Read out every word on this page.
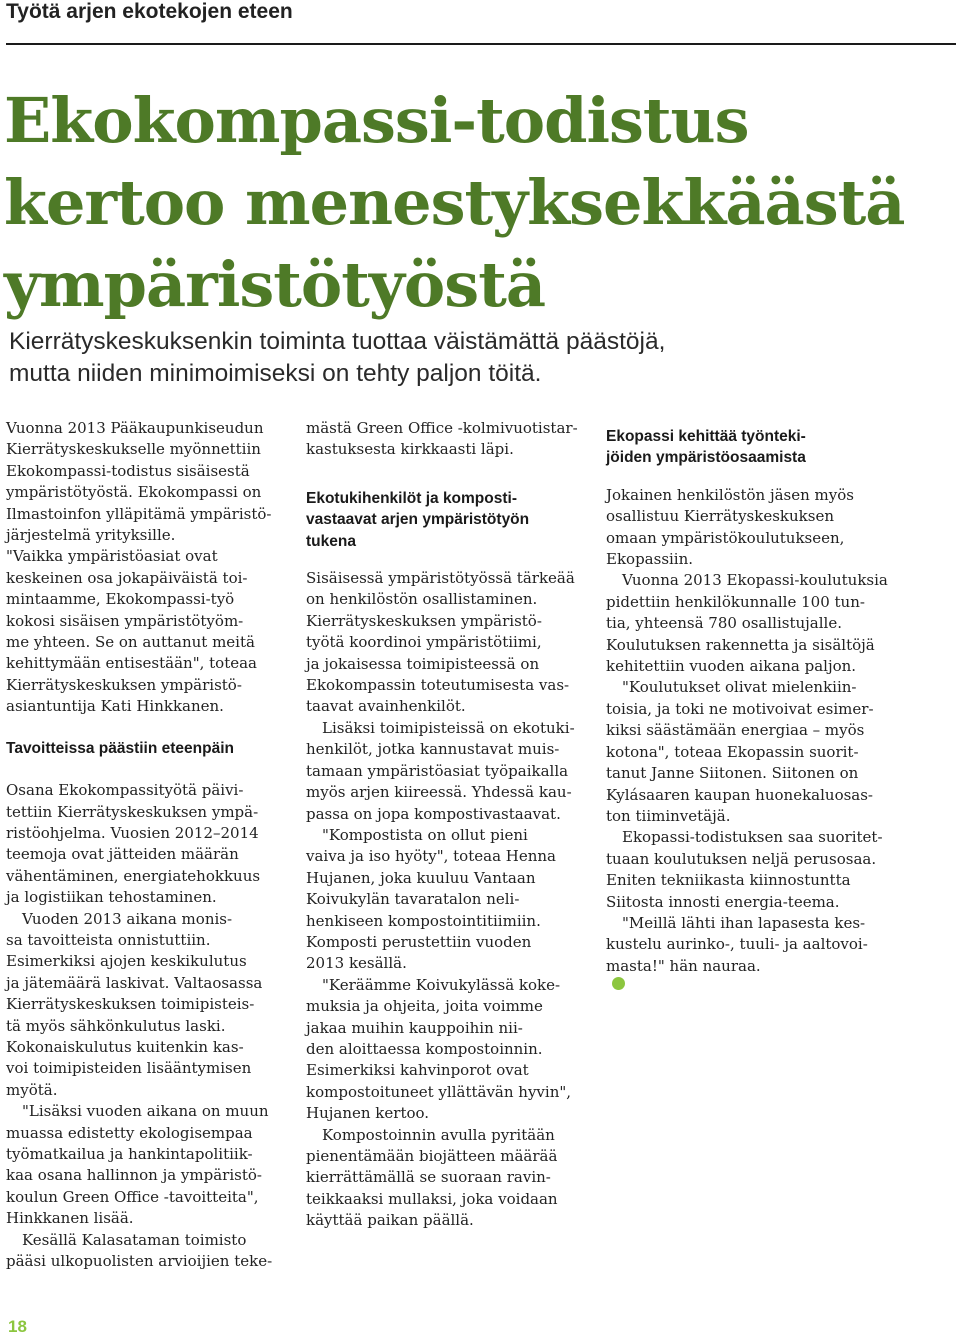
Työtä arjen ekotekojen eteen
Ekokompassi-todistus
kertoo menestyksekkäästä
ympäristötyöstä

Kierrätyskeskuksenkin toiminta tuottaa väistämättä päästöjä,
mutta niiden minimoimiseksi on tehty paljon töitä.

Vuonna 2013 Pääkaupunkiseudun
Kierrätyskeskukselle myönnettiin
Ekokompassi-todistus sisäisestä
ympäristötyöstä. Ekokompassi on
Ilmastoinfon ylläpitämä ympäristö-
järjestelmä yrityksille.

"Vaikka ympäristöasiat ovat
keskeinen osa jokapäiväistä toi-
mintaamme, Ekokompassi-työ
kokosi sisäisen ympäristötyöm-
me yhteen. Se on auttanut meitä
kehittymään entisestään", toteaa
Kierrätyskeskuksen ympäristö-
asiantuntija Kati Hinkkanen.

Tavoitteissa päästiin eteenpäin

Osana Ekokompassityötä päivi-
tettiin Kierrätyskeskuksen ympä-
ristöohjelma. Vuosien 2012–2014
teemoja ovat jätteiden määrän
vähentäminen, energiatehokkuus
ja logistiikan tehostaminen.

Vuoden 2013 aikana monis-
sa tavoitteista onnistuttiin.
Esimerkiksi ajojen keskikulutus
ja jätemäärä laskivat. Valtaosassa
Kierrätyskeskuksen toimipisteis-
tä myös sähkönkulutus laski.
Kokonaiskulutus kuitenkin kas-
voi toimipisteiden lisääntymisen
myötä.

"Lisäksi vuoden aikana on muun
muassa edistetty ekologisempaa
työmatkailua ja hankintapolitiik-
kaa osana hallinnon ja ympäristö-
koulun Green Office -tavoitteita",
Hinkkanen lisää.

Kesällä Kalasataman toimisto
pääsi ulkopuolisten arvioijien teke-

mästä Green Office -kolmivuotistar-
kastuksesta kirkkaasti läpi.

Ekotukihenkilöt ja komposti-
vastaavat arjen ympäristötyön
tukena

Sisäisessä ympäristötyössä tärkeää
on henkilöstön osallistaminen.
Kierrätyskeskuksen ympäristö-
työtä koordinoi ympäristötiimi,
ja jokaisessa toimipisteessä on
Ekokompassin toteutumisesta vas-
taavat avainhenkilöt.

Lisäksi toimipisteissä on ekotuki-
henkilöt, jotka kannustavat muis-
tamaan ympäristöasiat työpaikalla
myös arjen kiireessä. Yhdessä kau-
passa on jopa kompostivastaavat.

"Kompostista on ollut pieni
vaiva ja iso hyöty", toteaa Henna
Hujanen, joka kuuluu Vantaan
Koivukylän tavaratalon neli-
henkiseen kompostointitiimiin.
Komposti perustettiin vuoden
2013 kesällä.

"Keräämme Koivukylässä koke-
muksia ja ohjeita, joita voimme
jakaa muihin kauppoihin nii-
den aloittaessa kompostoinnin.
Esimerkiksi kahvinporot ovat
kompostoituneet yllättävän hyvin",
Hujanen kertoo.

Kompostoinnin avulla pyritään
pienentämään biojätteen määrää
kierrättämällä se suoraan ravin-
teikkaaksi mullaksi, joka voidaan
käyttää paikan päällä.

Ekopassi kehittää työnteki-
jöiden ympäristöosaamista

Jokainen henkilöstön jäsen myös
osallistuu Kierrätyskeskuksen
omaan ympäristökoulutukseen,
Ekopassiin.

Vuonna 2013 Ekopassi-koulutuksia
pidettiin henkilökunnalle 100 tun-
tia, yhteensä 780 osallistujalle.
Koulutuksen rakennetta ja sisältöjä
kehitettiin vuoden aikana paljon.

"Koulutukset olivat mielenkiin-
toisia, ja toki ne motivoivat esimer-
kiksi säästämään energiaa – myös
kotona", toteaa Ekopassin suorit-
tanut Janne Siitonen. Siitonen on
Kylásaaren kaupan huonekaluosas-
ton tiiminvetäjä.

Ekopassi-todistuksen saa suoritet-
tuaan koulutuksen neljä perusosaa.
Eniten tekniikasta kiinnostuntta
Siitosta innosti energia-teema.

"Meillä lähti ihan lapasesta kes-
kustelu aurinko-, tuuli- ja aaltovoi-
masta!" hän nauraa.

18
